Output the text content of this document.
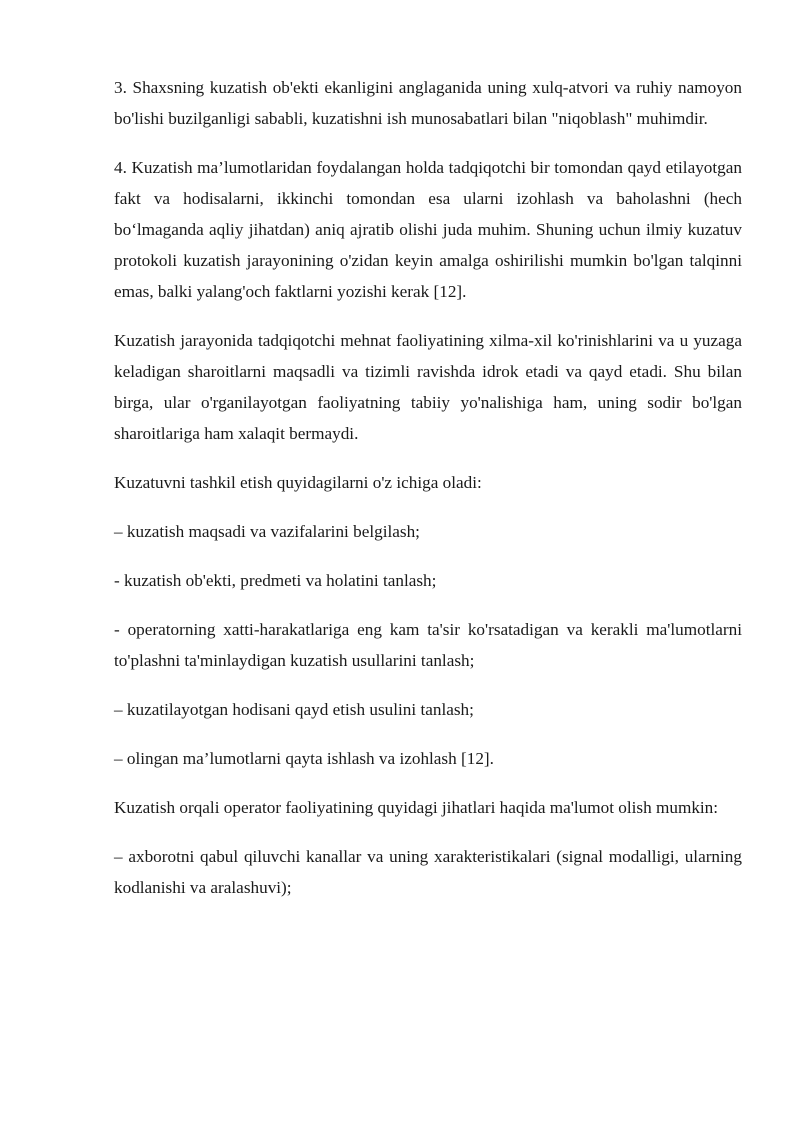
3. Shaxsning kuzatish ob'ekti ekanligini anglaganida uning xulq-atvori va ruhiy namoyon bo'lishi buzilganligi sababli, kuzatishni ish munosabatlari bilan "niqoblash" muhimdir.

4. Kuzatish ma’lumotlaridan foydalangan holda tadqiqotchi bir tomondan qayd etilayotgan fakt va hodisalarni, ikkinchi tomondan esa ularni izohlash va baholashni (hech bo‘lmaganda aqliy jihatdan) aniq ajratib olishi juda muhim. Shuning uchun ilmiy kuzatuv protokoli kuzatish jarayonining o'zidan keyin amalga oshirilishi mumkin bo'lgan talqinni emas, balki yalang'och faktlarni yozishi kerak [12].

Kuzatish jarayonida tadqiqotchi mehnat faoliyatining xilma-xil ko'rinishlarini va u yuzaga keladigan sharoitlarni maqsadli va tizimli ravishda idrok etadi va qayd etadi. Shu bilan birga, ular o'rganilayotgan faoliyatning tabiiy yo'nalishiga ham, uning sodir bo'lgan sharoitlariga ham xalaqit bermaydi.

Kuzatuvni tashkil etish quyidagilarni o'z ichiga oladi:

– kuzatish maqsadi va vazifalarini belgilash;

- kuzatish ob'ekti, predmeti va holatini tanlash;

- operatorning xatti-harakatlariga eng kam ta'sir ko'rsatadigan va kerakli ma'lumotlarni to'plashni ta'minlaydigan kuzatish usullarini tanlash;

– kuzatilayotgan hodisani qayd etish usulini tanlash;

– olingan ma’lumotlarni qayta ishlash va izohlash [12].

Kuzatish orqali operator faoliyatining quyidagi jihatlari haqida ma'lumot olish mumkin:

– axborotni qabul qiluvchi kanallar va uning xarakteristikalari (signal modalligi, ularning kodlanishi va aralashuvi);
